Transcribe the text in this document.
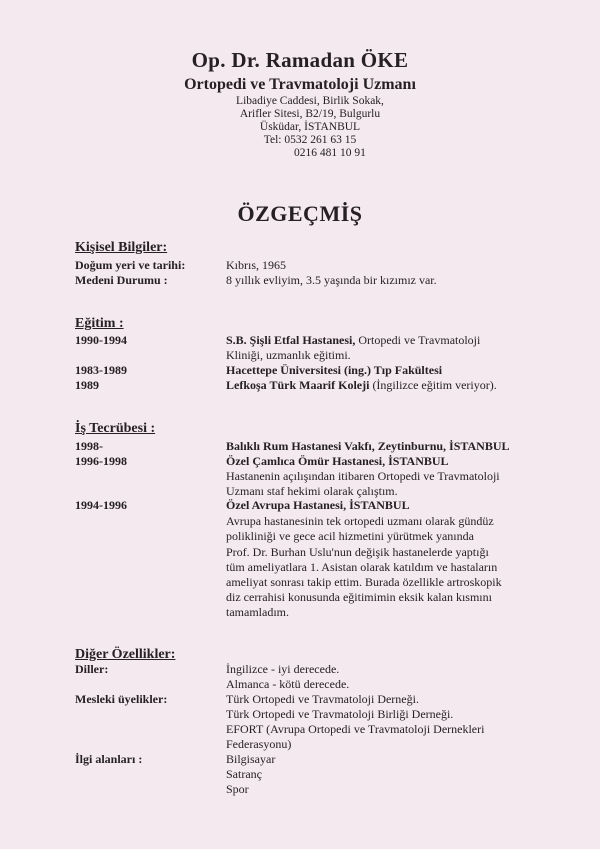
Op. Dr. Ramadan ÖKE
Ortopedi ve Travmatoloji Uzmanı
Libadiye Caddesi, Birlik Sokak,
Arifler Sitesi, B2/19, Bulgurlu
Üsküdar, İSTANBUL
Tel: 0532 261 63 15
0216 481 10 91
ÖZGEÇMİŞ
Kişisel Bilgiler:
Doğum yeri ve tarihi:	Kıbrıs, 1965
Medeni Durumu :	8 yıllık evliyim, 3.5 yaşında bir kızımız var.
Eğitim :
1990-1994	S.B. Şişli Etfal Hastanesi, Ortopedi ve Travmatoloji
Kliniği, uzmanlık eğitimi.
1983-1989	Hacettepe Üniversitesi (ing.) Tıp Fakültesi
1989	Lefkoşa Türk Maarif Koleji (İngilizce eğitim veriyor).
İş Tecrübesi :
1998-	Balıklı Rum Hastanesi Vakfı, Zeytinburnu, İSTANBUL
1996-1998	Özel Çamlıca Ömür Hastanesi, İSTANBUL
Hastanenin açılışından itibaren Ortopedi ve Travmatoloji
Uzmanı staf hekimi olarak çalıştım.
1994-1996	Özel Avrupa Hastanesi, İSTANBUL
Avrupa hastanesinin tek ortopedi uzmanı olarak gündüz
polikliniği ve gece acil hizmetini yürütmek yanında
Prof. Dr. Burhan Uslu'nun değişik hastanelerde yaptığı
tüm ameliyatlara 1. Asistan olarak katıldım ve hastaların
ameliyat sonrası takip ettim. Burada özellikle artroskopik
diz cerrahisi konusunda eğitimimin eksik kalan kısmını
tamamladım.
Diğer Özellikler:
Diller:	İngilizce - iyi derecede.
Almanca - kötü derecede.
Mesleki üyelikler:	Türk Ortopedi ve Travmatoloji Derneği.
Türk Ortopedi ve Travmatoloji Birliği Derneği.
EFORT (Avrupa Ortopedi ve Travmatoloji Dernekleri
Federasyonu)
İlgi alanları :	Bilgisayar
Satranç
Spor
